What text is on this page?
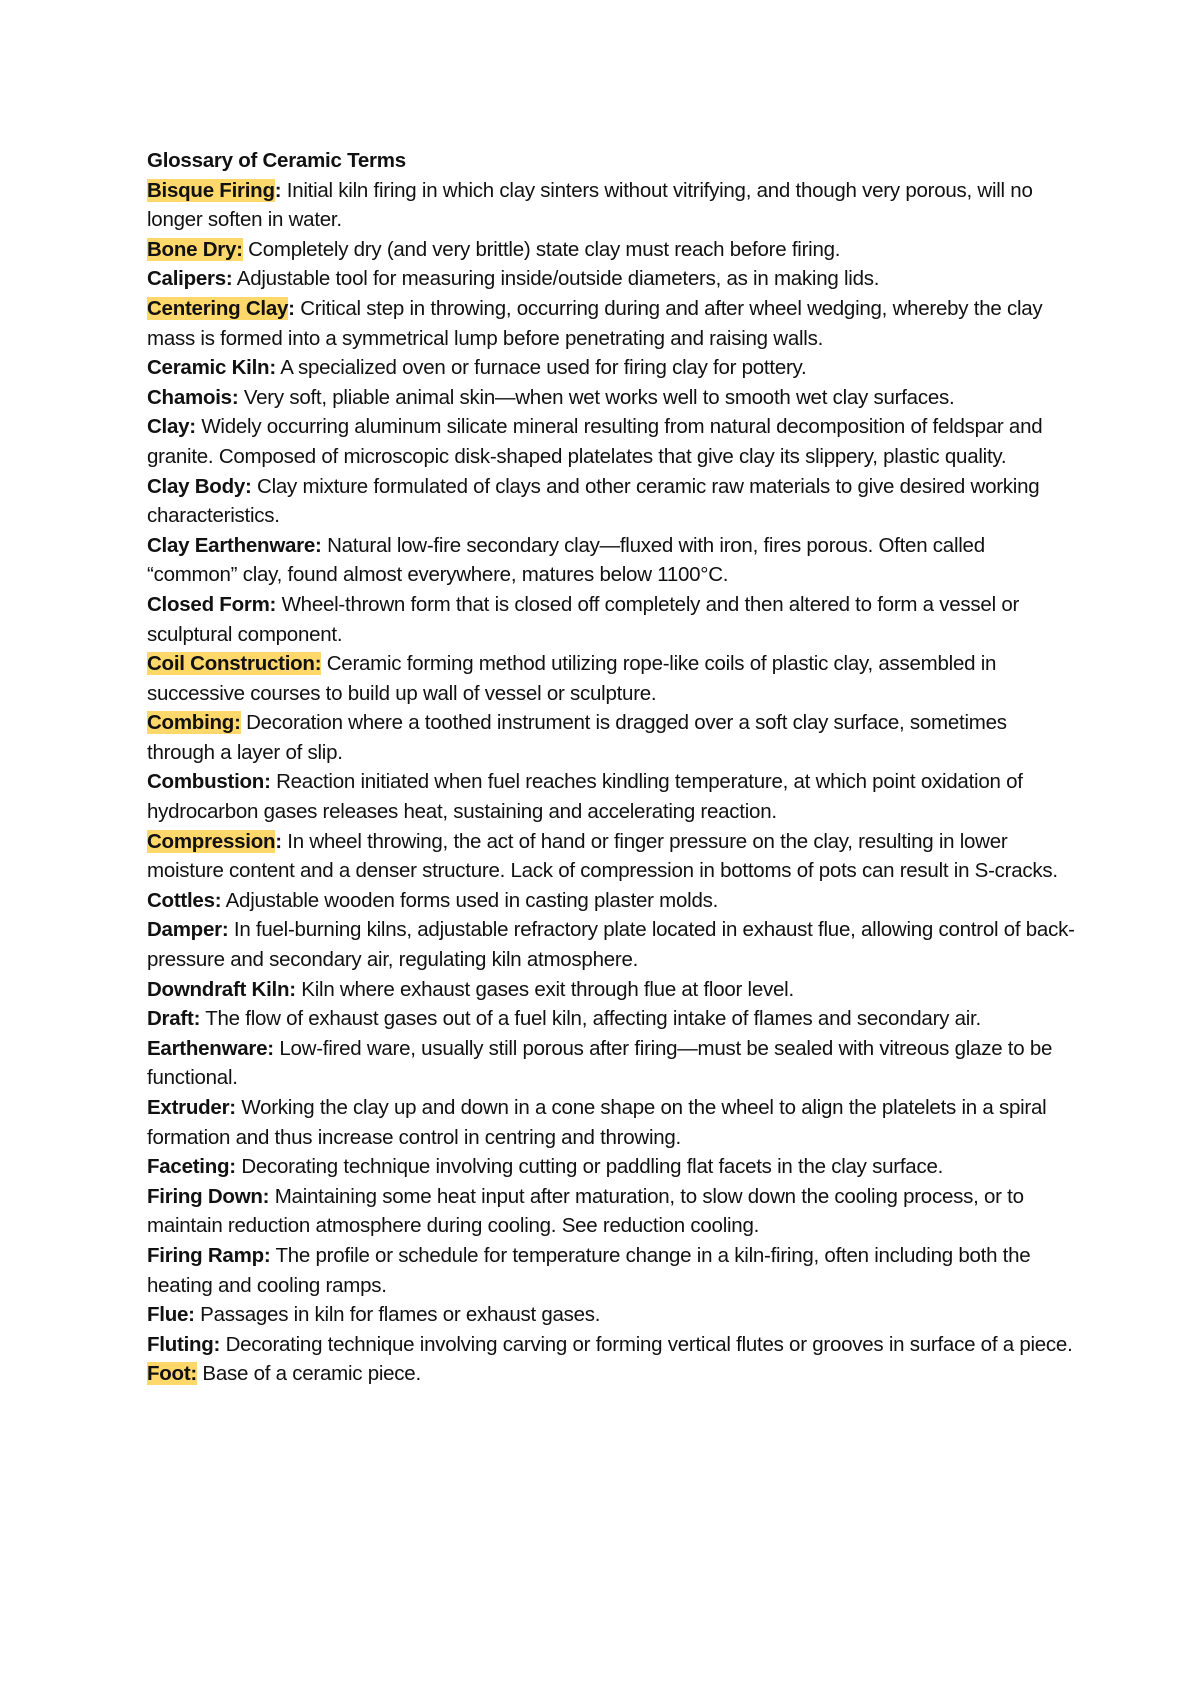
Glossary of Ceramic Terms

Bisque Firing: Initial kiln firing in which clay sinters without vitrifying, and though very porous, will no longer soften in water.

Bone Dry: Completely dry (and very brittle) state clay must reach before firing.

Calipers: Adjustable tool for measuring inside/outside diameters, as in making lids.

Centering Clay: Critical step in throwing, occurring during and after wheel wedging, whereby the clay mass is formed into a symmetrical lump before penetrating and raising walls.

Ceramic Kiln: A specialized oven or furnace used for firing clay for pottery.

Chamois: Very soft, pliable animal skin—when wet works well to smooth wet clay surfaces.

Clay: Widely occurring aluminum silicate mineral resulting from natural decomposition of feldspar and granite. Composed of microscopic disk-shaped platelates that give clay its slippery, plastic quality.

Clay Body: Clay mixture formulated of clays and other ceramic raw materials to give desired working characteristics.

Clay Earthenware: Natural low-fire secondary clay—fluxed with iron, fires porous. Often called “common” clay, found almost everywhere, matures below 1100°C.

Closed Form: Wheel-thrown form that is closed off completely and then altered to form a vessel or sculptural component.

Coil Construction: Ceramic forming method utilizing rope-like coils of plastic clay, assembled in successive courses to build up wall of vessel or sculpture.

Combing: Decoration where a toothed instrument is dragged over a soft clay surface, sometimes through a layer of slip.

Combustion: Reaction initiated when fuel reaches kindling temperature, at which point oxidation of hydrocarbon gases releases heat, sustaining and accelerating reaction.

Compression: In wheel throwing, the act of hand or finger pressure on the clay, resulting in lower moisture content and a denser structure. Lack of compression in bottoms of pots can result in S-cracks.

Cottles: Adjustable wooden forms used in casting plaster molds.

Damper: In fuel-burning kilns, adjustable refractory plate located in exhaust flue, allowing control of back-pressure and secondary air, regulating kiln atmosphere.

Downdraft Kiln: Kiln where exhaust gases exit through flue at floor level.

Draft: The flow of exhaust gases out of a fuel kiln, affecting intake of flames and secondary air.

Earthenware: Low-fired ware, usually still porous after firing—must be sealed with vitreous glaze to be functional.

Extruder: Working the clay up and down in a cone shape on the wheel to align the platelets in a spiral formation and thus increase control in centring and throwing.

Faceting: Decorating technique involving cutting or paddling flat facets in the clay surface.

Firing Down: Maintaining some heat input after maturation, to slow down the cooling process, or to maintain reduction atmosphere during cooling. See reduction cooling.

Firing Ramp: The profile or schedule for temperature change in a kiln-firing, often including both the heating and cooling ramps.

Flue: Passages in kiln for flames or exhaust gases.

Fluting: Decorating technique involving carving or forming vertical flutes or grooves in surface of a piece.

Foot: Base of a ceramic piece.
